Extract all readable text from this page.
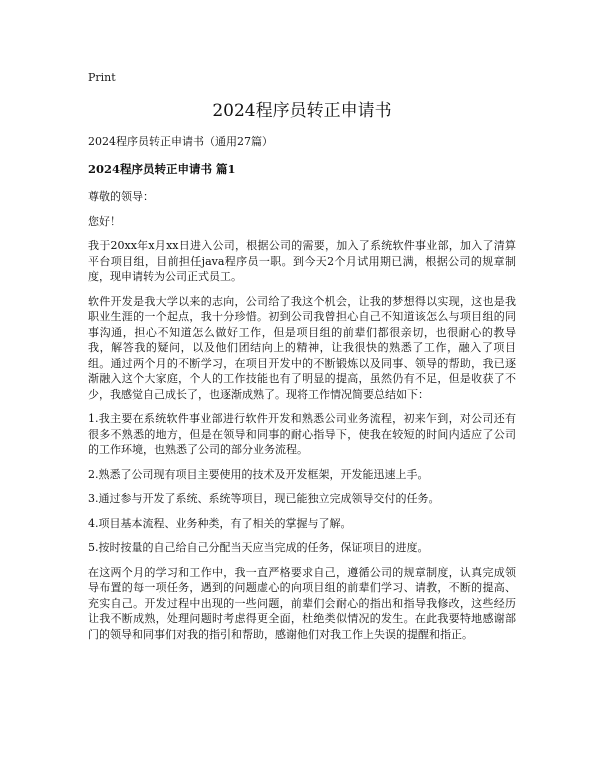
Print
2024程序员转正申请书

2024程序员转正申请书（通用27篇）

2024程序员转正申请书 篇1

尊敬的领导：

您好！

我于20xx年x月xx日进入公司，根据公司的需要，加入了系统软件事业部，加入了清算平台项目组，目前担任java程序员一职。到今天2个月试用期已满，根据公司的规章制度，现申请转为公司正式员工。

软件开发是我大学以来的志向，公司给了我这个机会，让我的梦想得以实现，这也是我职业生涯的一个起点，我十分珍惜。初到公司我曾担心自己不知道该怎么与项目组的同事沟通，担心不知道怎么做好工作，但是项目组的前辈们都很亲切，也很耐心的教导我，解答我的疑问，以及他们团结向上的精神，让我很快的熟悉了工作，融入了项目组。通过两个月的不断学习，在项目开发中的不断锻炼以及同事、领导的帮助，我已逐渐融入这个大家庭，个人的工作技能也有了明显的提高，虽然仍有不足，但是收获了不少，我感觉自己成长了，也逐渐成熟了。现将工作情况简要总结如下：

1.我主要在系统软件事业部进行软件开发和熟悉公司业务流程，初来乍到，对公司还有很多不熟悉的地方，但是在领导和同事的耐心指导下，使我在较短的时间内适应了公司的工作环境，也熟悉了公司的部分业务流程。

2.熟悉了公司现有项目主要使用的技术及开发框架，开发能迅速上手。

3.通过参与开发了系统、系统等项目，现已能独立完成领导交付的任务。

4.项目基本流程、业务种类，有了相关的掌握与了解。

5.按时按量的自己给自己分配当天应当完成的任务，保证项目的进度。

在这两个月的学习和工作中，我一直严格要求自己，遵循公司的规章制度，认真完成领导布置的每一项任务，遇到的问题虚心的向项目组的前辈们学习、请教，不断的提高、充实自己。开发过程中出现的一些问题，前辈们会耐心的指出和指导我修改，这些经历让我不断成熟，处理问题时考虑得更全面，杜绝类似情况的发生。在此我要特地感谢部门的领导和同事们对我的指引和帮助，感谢他们对我工作上失误的提醒和指正。
